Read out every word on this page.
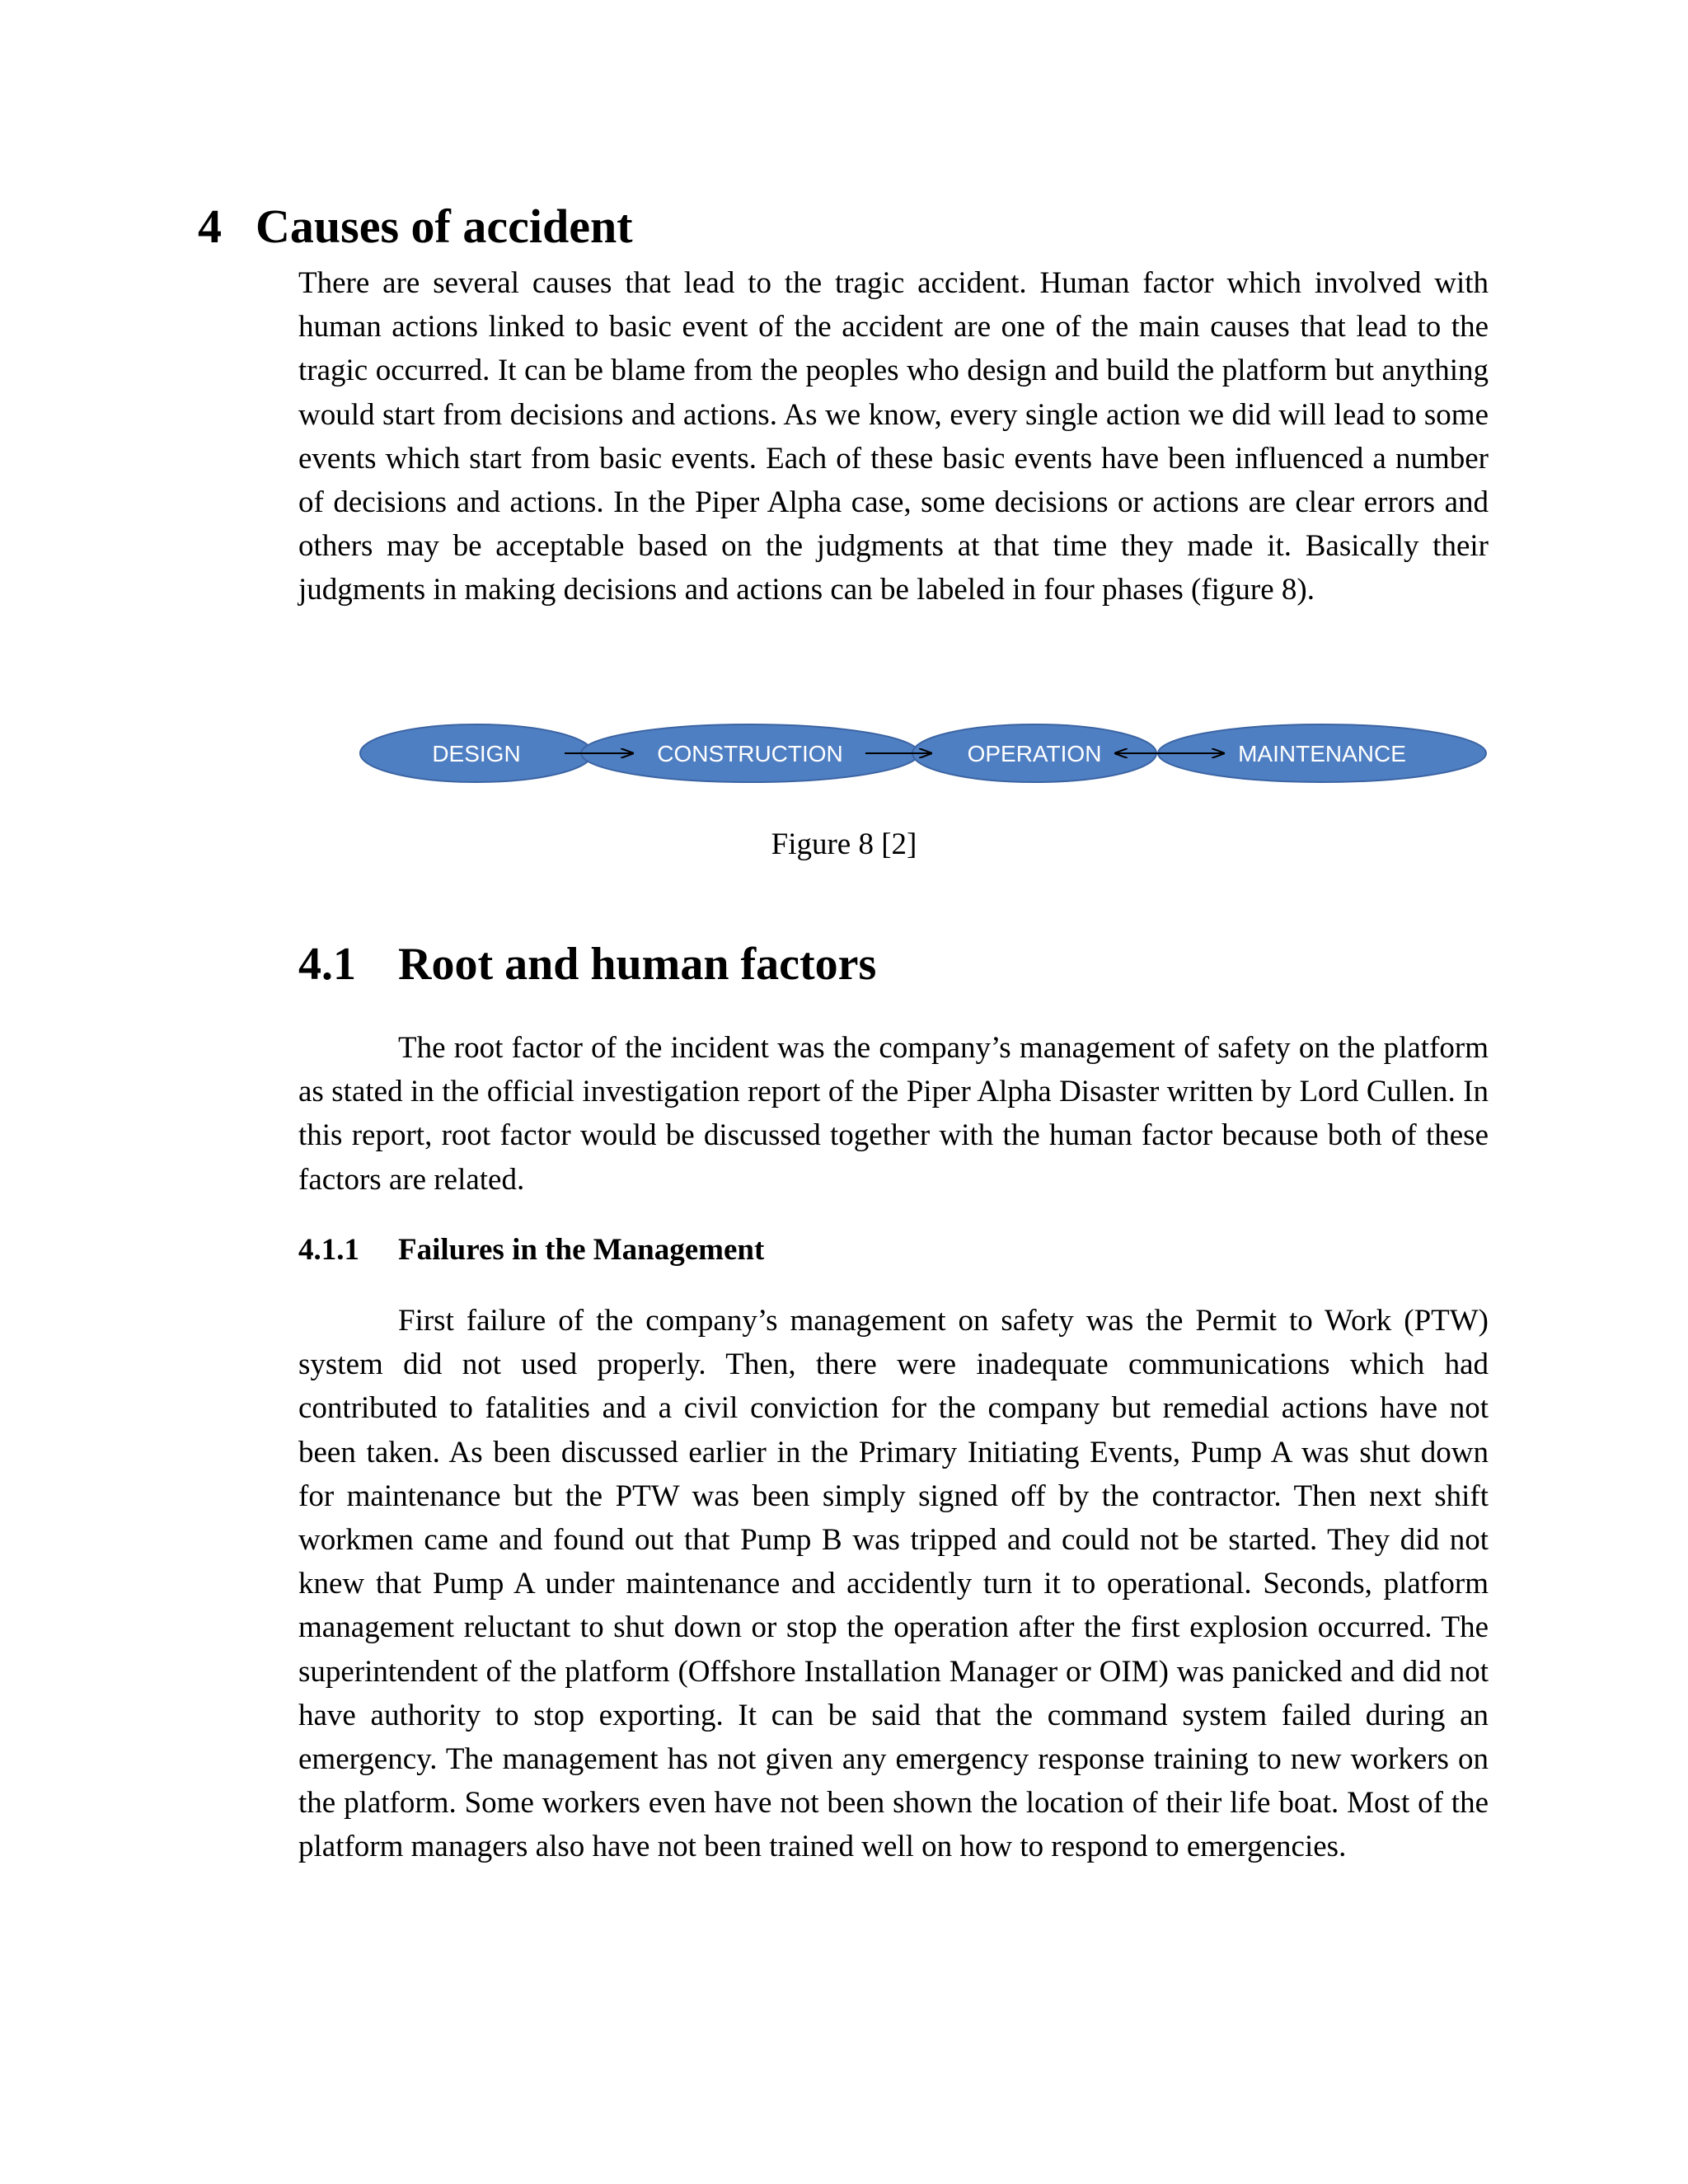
4 Causes of accident

There are several causes that lead to the tragic accident. Human factor which involved with human actions linked to basic event of the accident are one of the main causes that lead to the tragic occurred. It can be blame from the peoples who design and build the platform but anything would start from decisions and actions. As we know, every single action we did will lead to some events which start from basic events. Each of these basic events have been influenced a number of decisions and actions. In the Piper Alpha case, some decisions or actions are clear errors and others may be acceptable based on the judgments at that time they made it. Basically their judgments in making decisions and actions can be labeled in four phases (figure 8).

DESIGN	CONSTRUCTION	OPERATION	MAINTENANCE
Figure 8 [2]
4.1 Root and human factors

The root factor of the incident was the company’s management of safety on the platform as stated in the official investigation report of the Piper Alpha Disaster written by Lord Cullen. In this report, root factor would be discussed together with the human factor because both of these factors are related.

4.1.1 Failures in the Management

First failure of the company’s management on safety was the Permit to Work (PTW) system did not used properly. Then, there were inadequate communications which had contributed to fatalities and a civil conviction for the company but remedial actions have not been taken. As been discussed earlier in the Primary Initiating Events, Pump A was shut down for maintenance but the PTW was been simply signed off by the contractor. Then next shift workmen came and found out that Pump B was tripped and could not be started. They did not knew that Pump A under maintenance and accidently turn it to operational. Seconds, platform management reluctant to shut down or stop the operation after the first explosion occurred. The superintendent of the platform (Offshore Installation Manager or OIM) was panicked and did not have authority to stop exporting. It can be said that the command system failed during an emergency. The management has not given any emergency response training to new workers on the platform. Some workers even have not been shown the location of their life boat. Most of the platform managers also have not been trained well on how to respond to emergencies.
